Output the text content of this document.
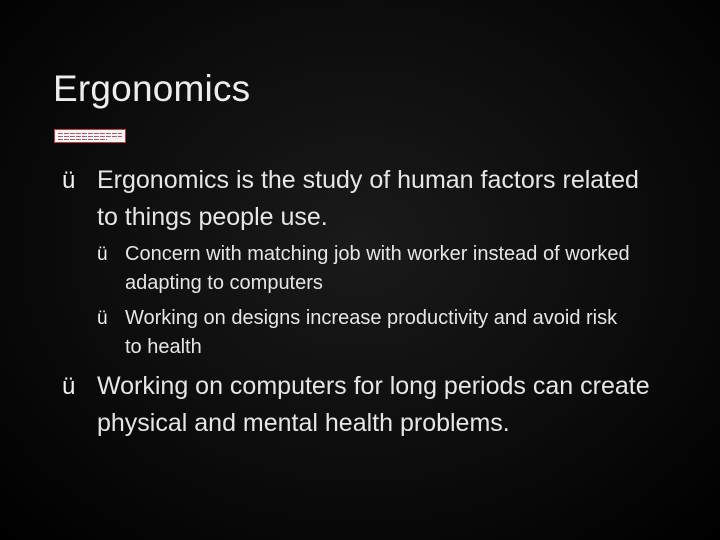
Ergonomics
ü Ergonomics is the study of human factors related to things people use.
ü Concern with matching job with worker instead of worked adapting to computers
ü Working on designs increase productivity and avoid risk to health
ü Working on computers for long periods can create physical and mental health problems.
